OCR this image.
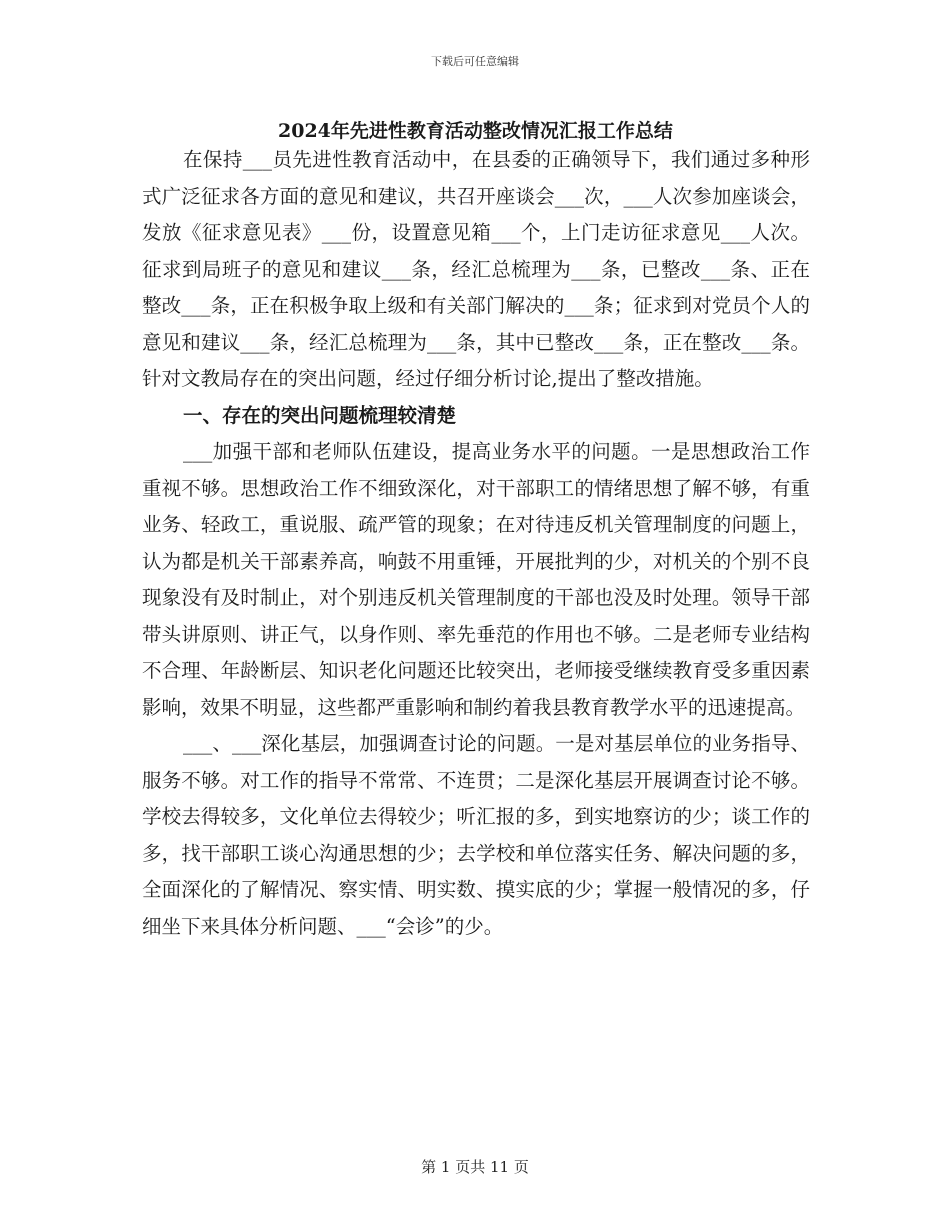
下载后可任意编辑
2024年先进性教育活动整改情况汇报工作总结

在保持___员先进性教育活动中，在县委的正确领导下，我们通过多种形式广泛征求各方面的意见和建议，共召开座谈会___次，___人次参加座谈会，发放《征求意见表》___份，设置意见箱___个，上门走访征求意见___人次。征求到局班子的意见和建议___条，经汇总梳理为___条，已整改___条、正在整改___条，正在积极争取上级和有关部门解决的___条；征求到对党员个人的意见和建议___条，经汇总梳理为___条，其中已整改___条，正在整改___条。针对文教局存在的突出问题，经过仔细分析讨论,提出了整改措施。

一、存在的突出问题梳理较清楚

___加强干部和老师队伍建设，提高业务水平的问题。一是思想政治工作重视不够。思想政治工作不细致深化，对干部职工的情绪思想了解不够，有重业务、轻政工，重说服、疏严管的现象；在对待违反机关管理制度的问题上，认为都是机关干部素养高，响鼓不用重锤，开展批判的少，对机关的个别不良现象没有及时制止，对个别违反机关管理制度的干部也没及时处理。领导干部带头讲原则、讲正气，以身作则、率先垂范的作用也不够。二是老师专业结构不合理、年龄断层、知识老化问题还比较突出，老师接受继续教育受多重因素影响，效果不明显，这些都严重影响和制约着我县教育教学水平的迅速提高。

___、___深化基层，加强调查讨论的问题。一是对基层单位的业务指导、服务不够。对工作的指导不常常、不连贯；二是深化基层开展调查讨论不够。学校去得较多，文化单位去得较少；听汇报的多，到实地察访的少；谈工作的多，找干部职工谈心沟通思想的少；去学校和单位落实任务、解决问题的多，全面深化的了解情况、察实情、明实数、摸实底的少；掌握一般情况的多，仔细坐下来具体分析问题、___“会诊”的少。

第 1 页共 11 页
